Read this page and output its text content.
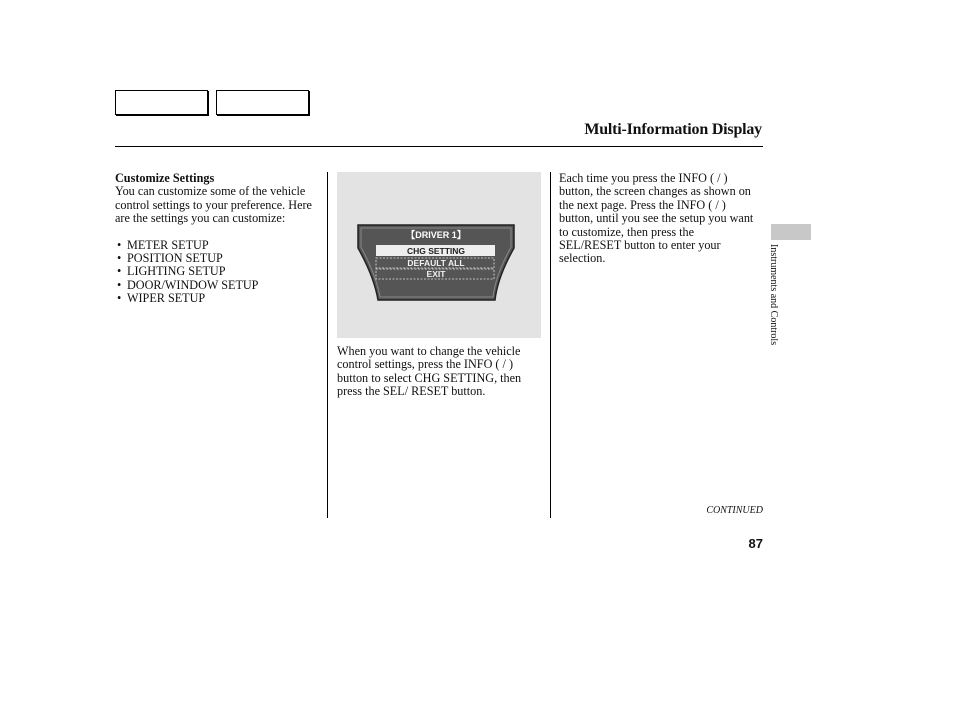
Multi-Information Display
Instruments and Controls
Customize Settings

You can customize some of the vehicle control settings to your preference. Here are the settings you can customize:

• METER SETUP
• POSITION SETUP
• LIGHTING SETUP
• DOOR/WINDOW SETUP
• WIPER SETUP
【DRIVER 1】
CHG SETTING
DEFAULT ALL
EXIT

When you want to change the vehicle control settings, press the INFO ( / ) button to select CHG SETTING, then press the SEL/ RESET button.

Each time you press the INFO ( / ) button, the screen changes as shown on the next page. Press the INFO ( / ) button, until you see the setup you want to customize, then press the SEL/RESET button to enter your selection.

CONTINUED
87
